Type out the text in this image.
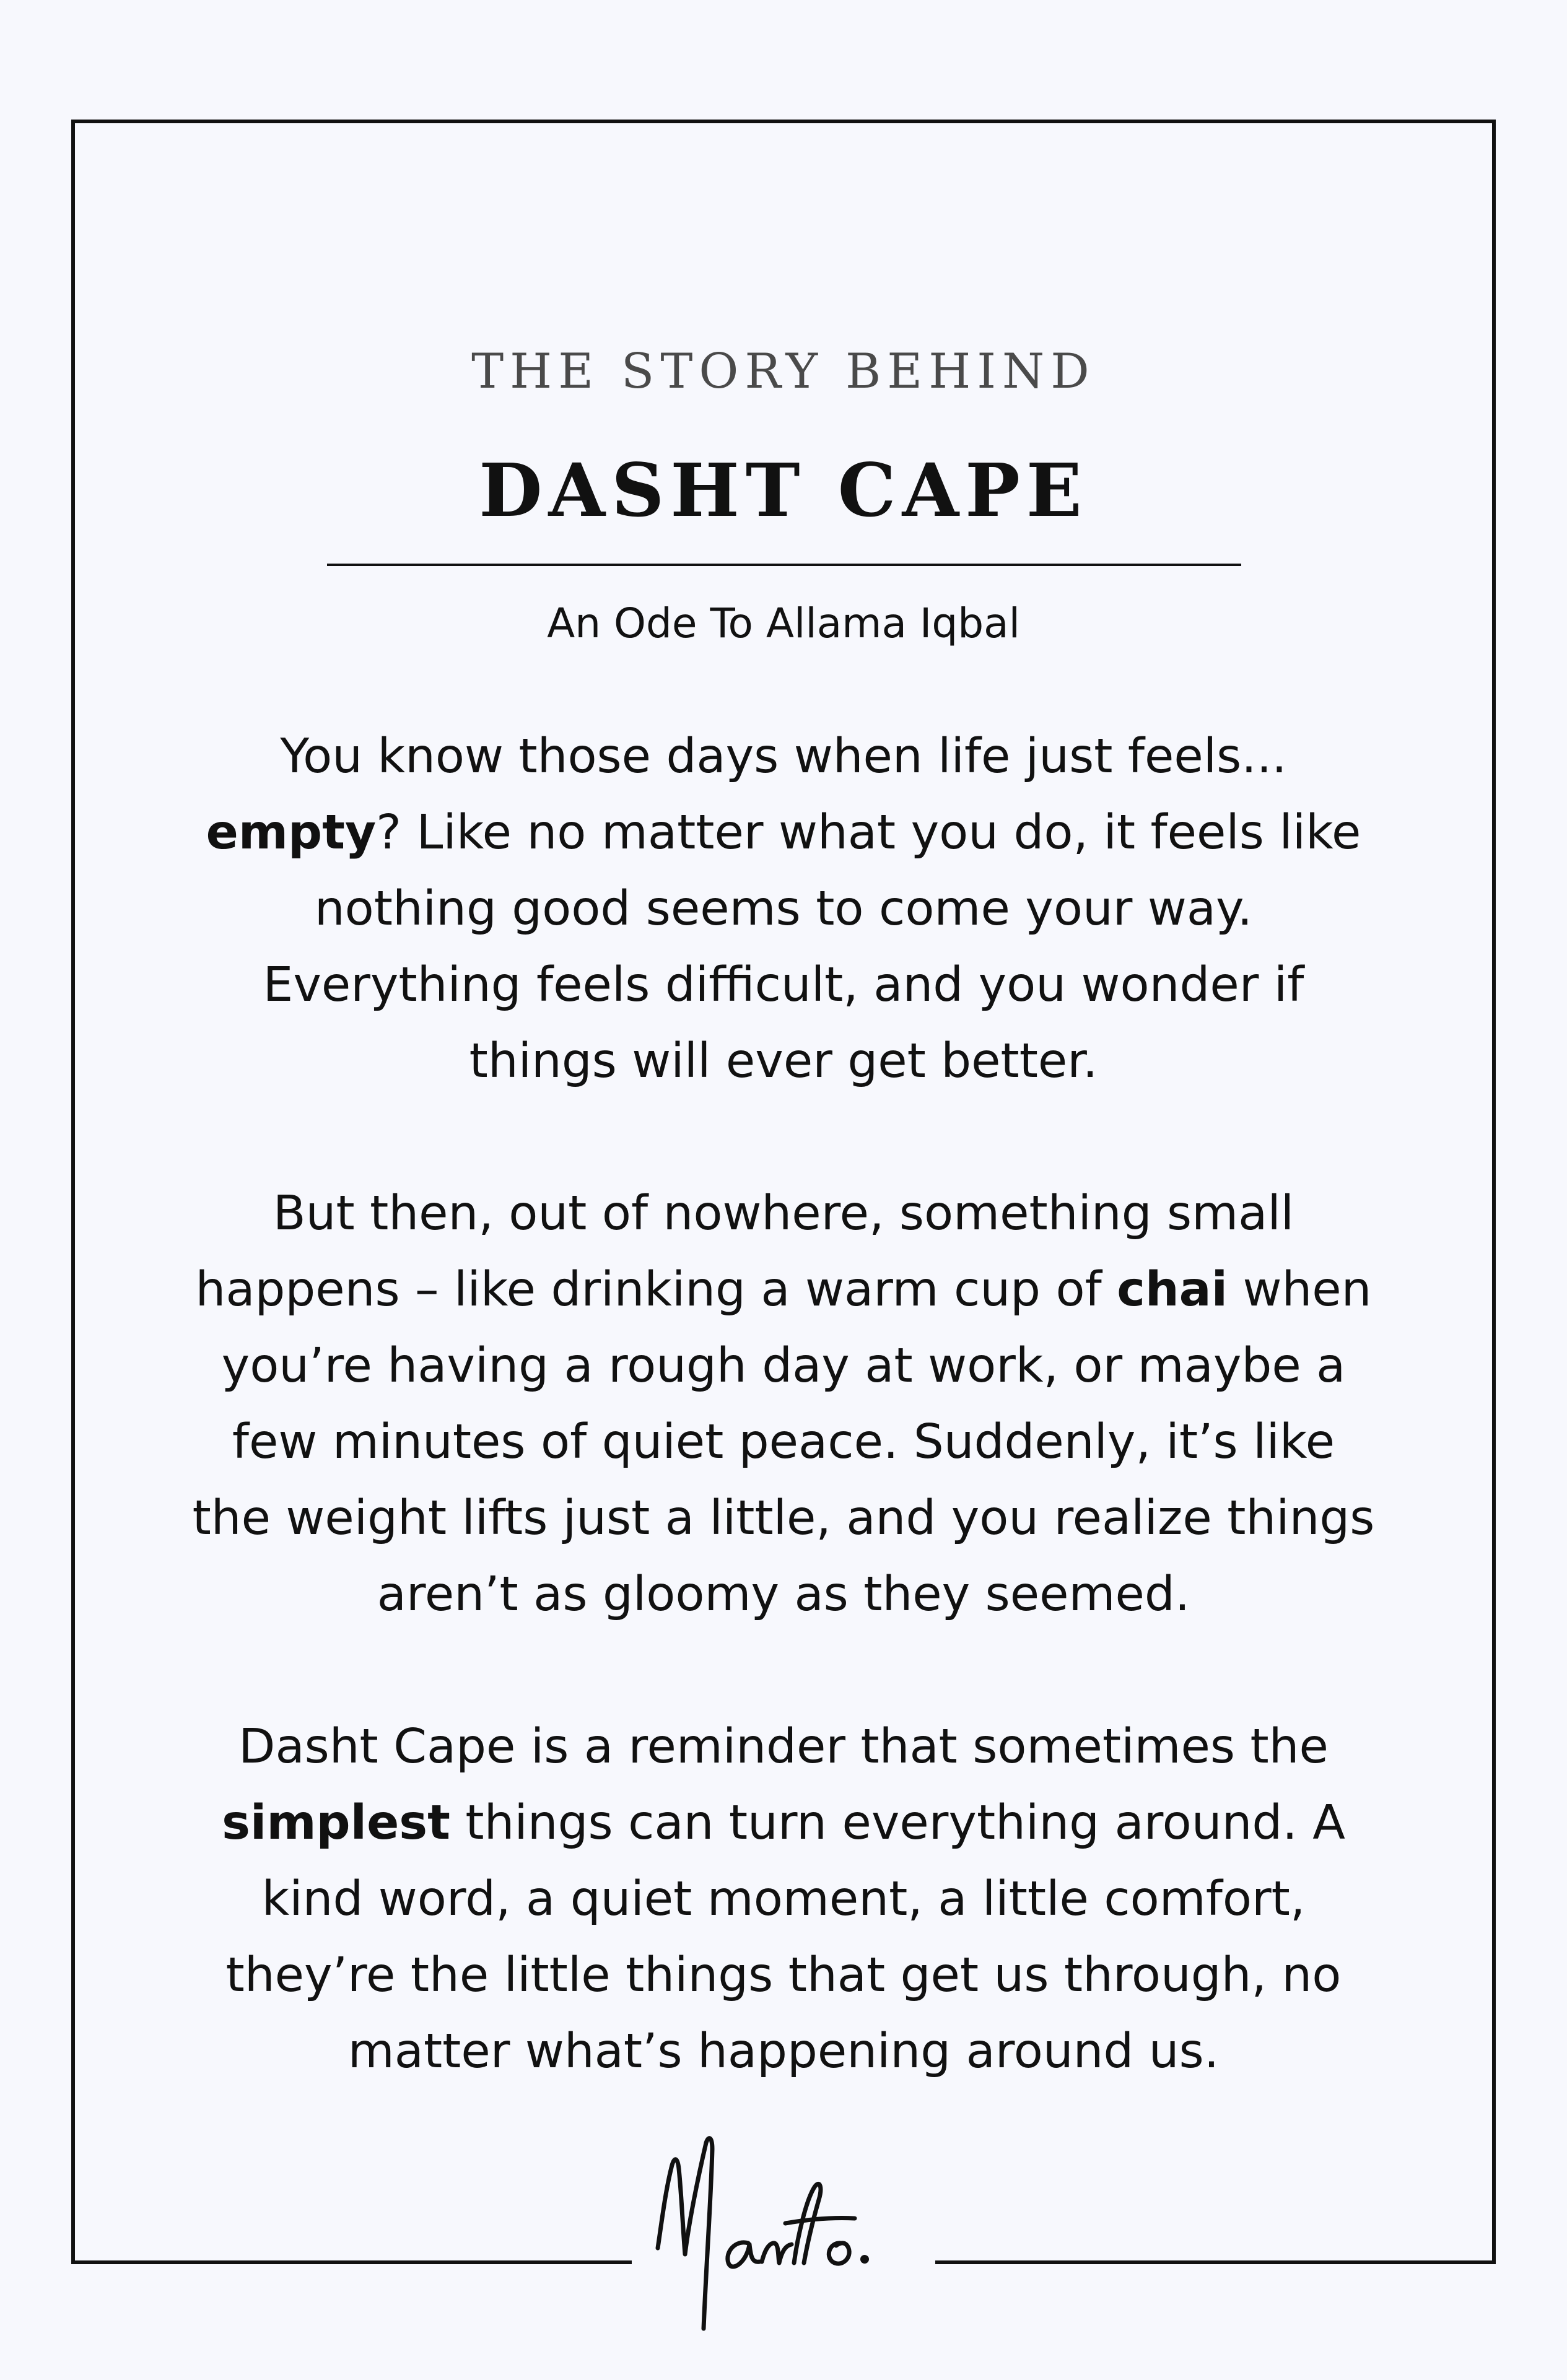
THE STORY BEHIND
DASHT CAPE

An Ode To Allama Iqbal

You know those days when life just feels... empty? Like no matter what you do, it feels like nothing good seems to come your way. Everything feels difficult, and you wonder if things will ever get better.

But then, out of nowhere, something small happens – like drinking a warm cup of chai when you’re having a rough day at work, or maybe a few minutes of quiet peace. Suddenly, it’s like the weight lifts just a little, and you realize things aren’t as gloomy as they seemed.

Dasht Cape is a reminder that sometimes the simplest things can turn everything around. A kind word, a quiet moment, a little comfort, they’re the little things that get us through, no matter what’s happening around us.
